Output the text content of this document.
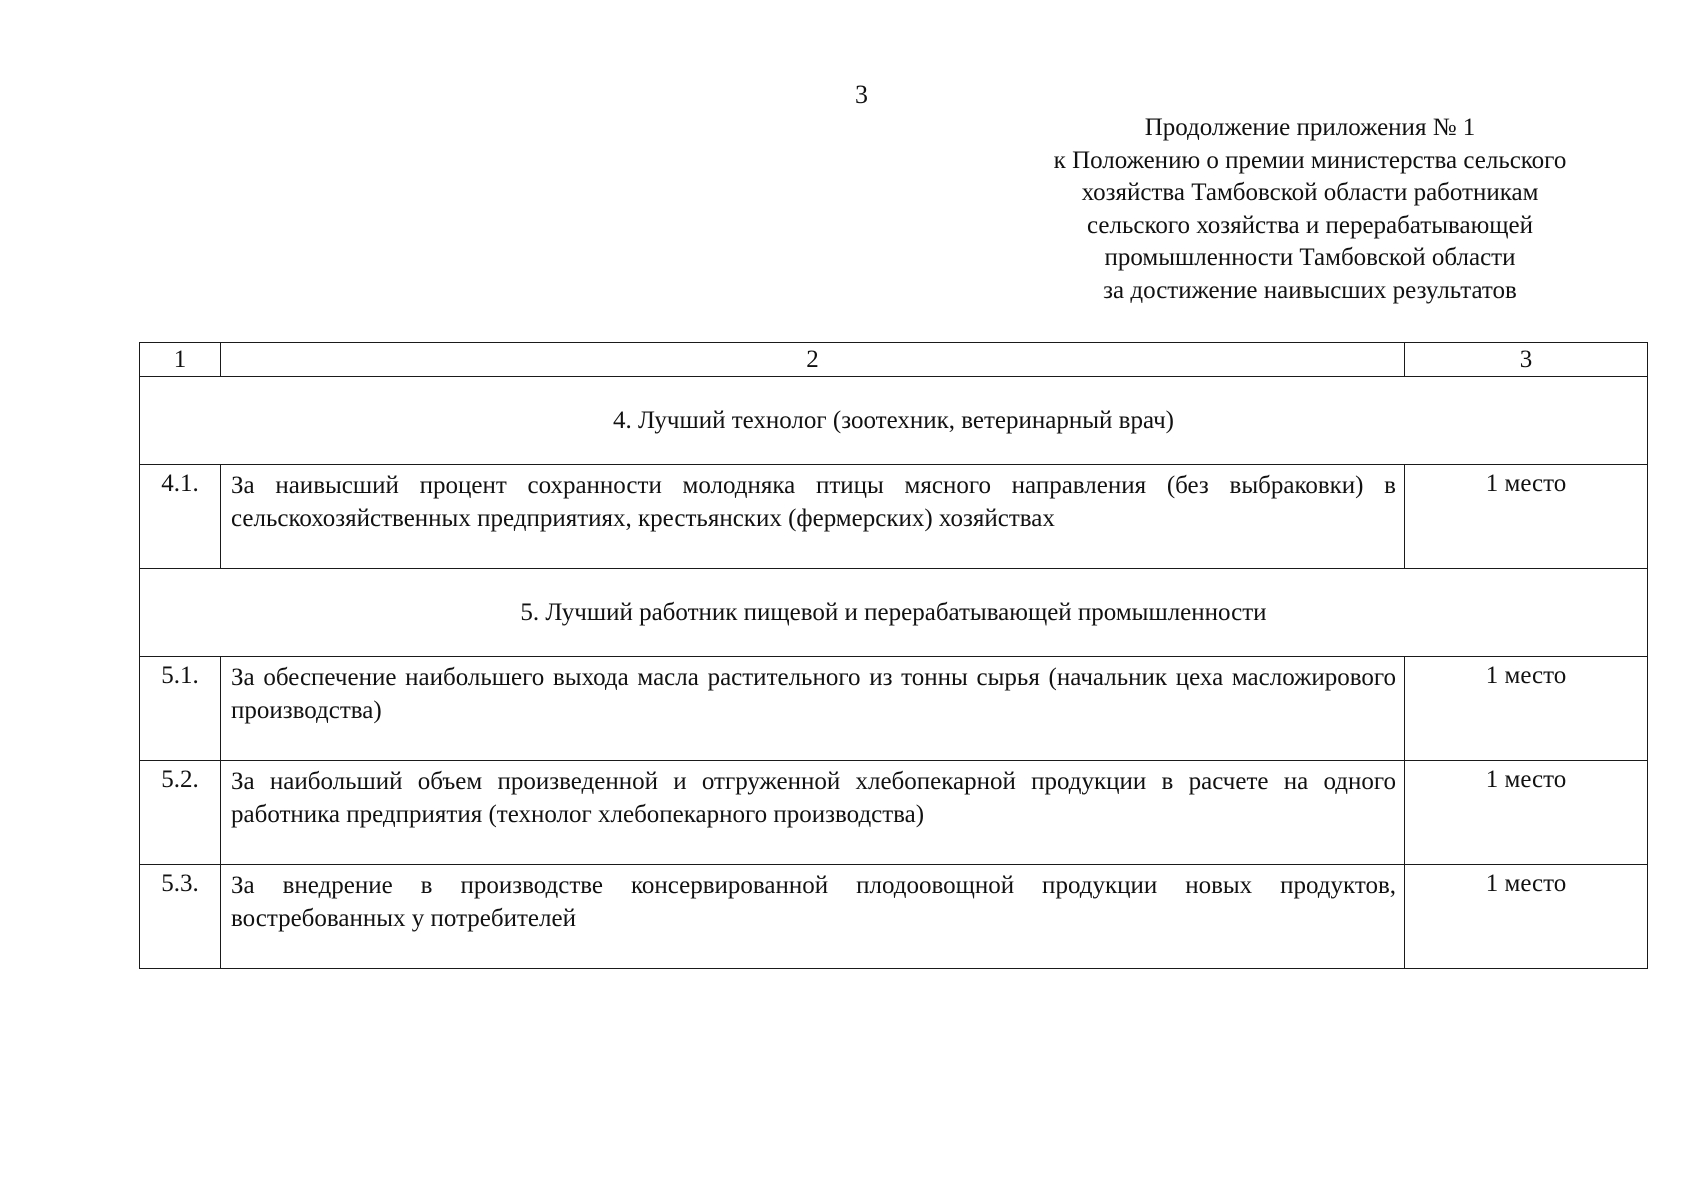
3
Продолжение приложения № 1
к Положению о премии министерства сельского
хозяйства Тамбовской области работникам
сельского хозяйства и перерабатывающей
промышленности Тамбовской области
за достижение наивысших результатов
1	2	3
4. Лучший технолог (зоотехник, ветеринарный врач)		
4.1.	За наивысший процент сохранности молодняка птицы мясного направления (без выбраковки) в сельскохозяйственных предприятиях, крестьянских (фермерских) хозяйствах	1 место
5. Лучший работник пищевой и перерабатывающей промышленности		
5.1.	За обеспечение наибольшего выхода масла растительного из тонны сырья (начальник цеха масложирового производства)	1 место
5.2.	За наибольший объем произведенной и отгруженной хлебопекарной продукции в расчете на одного работника предприятия (технолог хлебопекарного производства)	1 место
5.3.	За внедрение в производстве консервированной плодоовощной продукции новых продуктов, востребованных у потребителей	1 место
